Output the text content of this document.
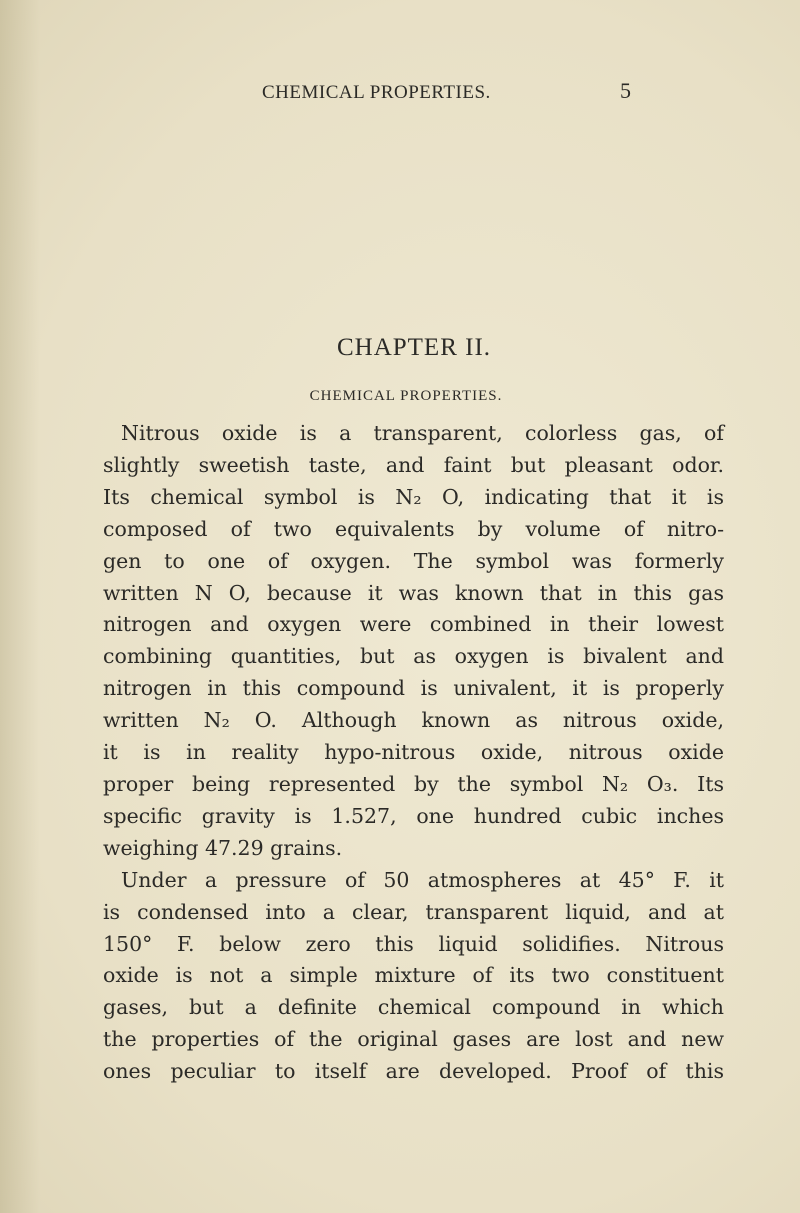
CHEMICAL PROPERTIES.	5
CHAPTER II.
CHEMICAL PROPERTIES.
Nitrous oxide is a transparent, colorless gas, of
slightly sweetish taste, and faint but pleasant odor.
Its chemical symbol is N₂ O, indicating that it is
composed of two equivalents by volume of nitro-
gen to one of oxygen. The symbol was formerly
written N O, because it was known that in this gas
nitrogen and oxygen were combined in their lowest
combining quantities, but as oxygen is bivalent and
nitrogen in this compound is univalent, it is properly
written N₂ O. Although known as nitrous oxide,
it is in reality hypo-nitrous oxide, nitrous oxide
proper being represented by the symbol N₂ O₃. Its
specific gravity is 1.527, one hundred cubic inches
weighing 47.29 grains.
Under a pressure of 50 atmospheres at 45° F. it
is condensed into a clear, transparent liquid, and at
150° F. below zero this liquid solidifies. Nitrous
oxide is not a simple mixture of its two constituent
gases, but a definite chemical compound in which
the properties of the original gases are lost and new
ones peculiar to itself are developed. Proof of this
